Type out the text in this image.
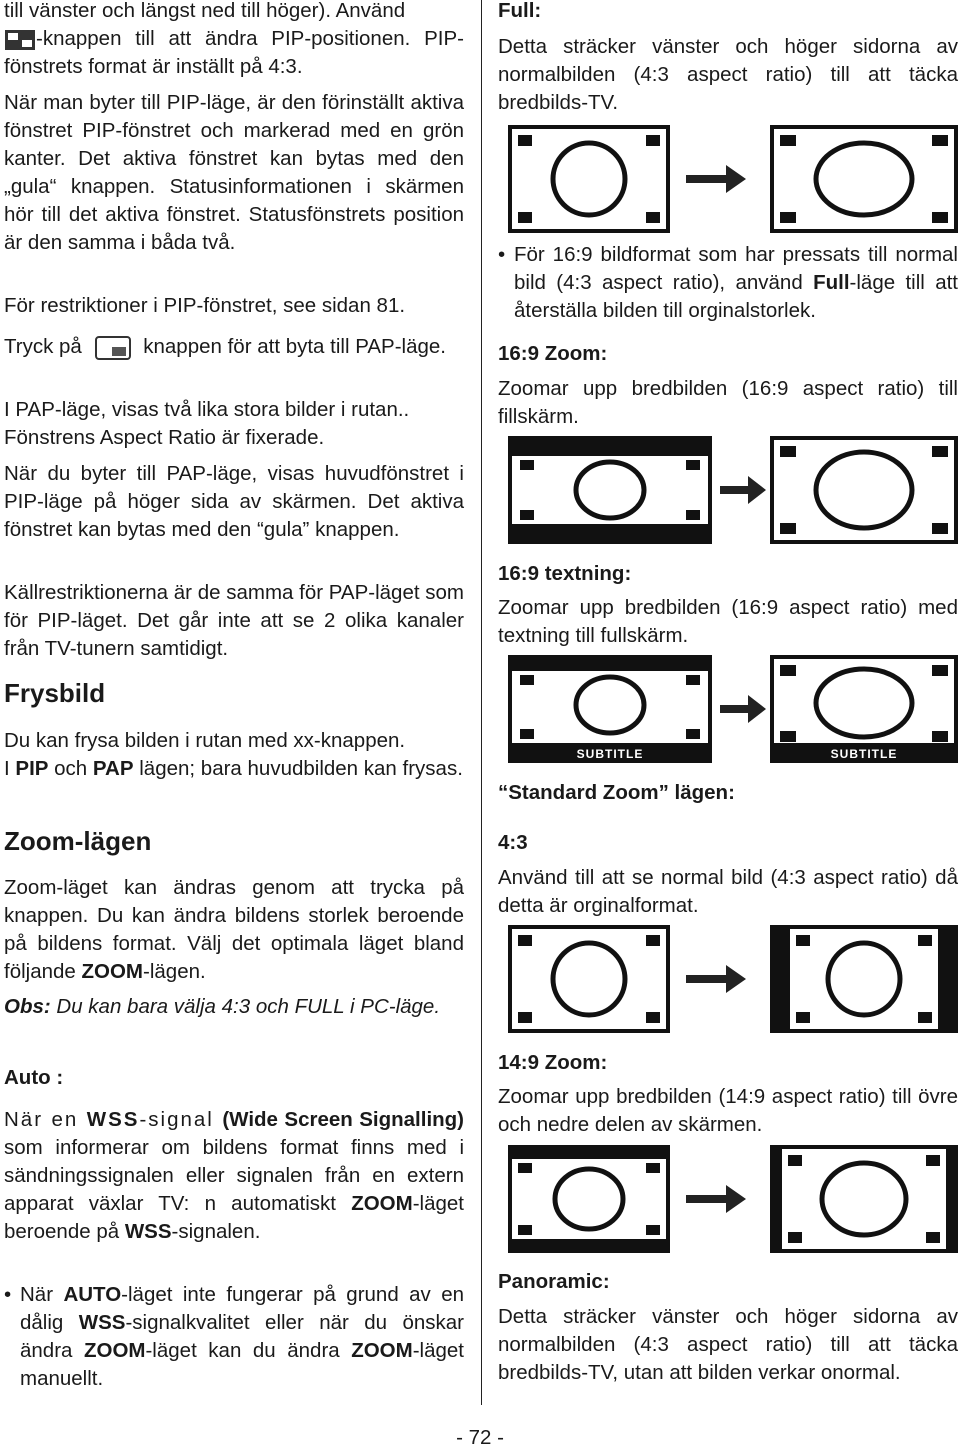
till vänster och längst ned till höger). Använd
-knappen till att ändra PIP-positionen. PIP-fönstrets format är inställt på 4:3.

När man byter till PIP-läge, är den förinställt aktiva fönstret PIP-fönstret och markerad med en grön kanter. Det aktiva fönstret kan bytas med den „gula“ knappen. Statusinformationen i skärmen hör till det aktiva fönstret. Statusfönstrets position är den samma i båda två.

För restriktioner i PIP-fönstret, see sidan 81.

Tryck på	knappen för att byta till PAP-läge.

I PAP-läge, visas två lika stora bilder i rutan.. Fönstrens Aspect Ratio är fixerade.

När du byter till PAP-läge, visas huvudfönstret i PIP-läge på höger sida av skärmen. Det aktiva fönstret kan bytas med den “gula” knappen.

Källrestriktionerna är de samma för PAP-läget som för PIP-läget. Det går inte att se 2 olika kanaler från TV-tunern samtidigt.

Frysbild

Du kan frysa bilden i rutan med xx-knappen.
I PIP och PAP lägen; bara huvudbilden kan frysas.

Zoom-lägen

Zoom-läget kan ändras genom att trycka på knappen. Du kan ändra bildens storlek beroende på bildens format. Välj det optimala läget bland följande ZOOM-lägen.
Obs: Du kan bara välja 4:3 och FULL i PC-läge.

Auto :

När en WSS-signal (Wide Screen Signalling) som informerar om bildens format finns med i sändningssignalen eller signalen från en extern apparat växlar TV: n automatiskt ZOOM-läget beroende på WSS-signalen.
• När AUTO-läget inte fungerar på grund av en dålig WSS-signalkvalitet eller när du önskar ändra ZOOM-läget kan du ändra ZOOM-läget manuellt.

Full:

Detta sträcker vänster och höger sidorna av normalbilden (4:3 aspect ratio) till att täcka bredbilds-TV.

• För 16:9 bildformat som har pressats till normal bild (4:3 aspect ratio), använd Full-läge till att återställa bilden till orginalstorlek.

16:9 Zoom:

Zoomar upp bredbilden (16:9 aspect ratio) till fillskärm.

16:9 textning:

Zoomar upp bredbilden (16:9 aspect ratio) med textning till fullskärm.

SUBTITLE	SUBTITLE

“Standard Zoom” lägen:

4:3

Använd till att se normal bild (4:3 aspect ratio) då detta är orginalformat.

14:9 Zoom:

Zoomar upp bredbilden (14:9 aspect ratio) till övre och nedre delen av skärmen.

Panoramic:

Detta sträcker vänster och höger sidorna av normalbilden (4:3 aspect ratio) till att täcka bredbilds-TV, utan att bilden verkar onormal.

- 72 -
